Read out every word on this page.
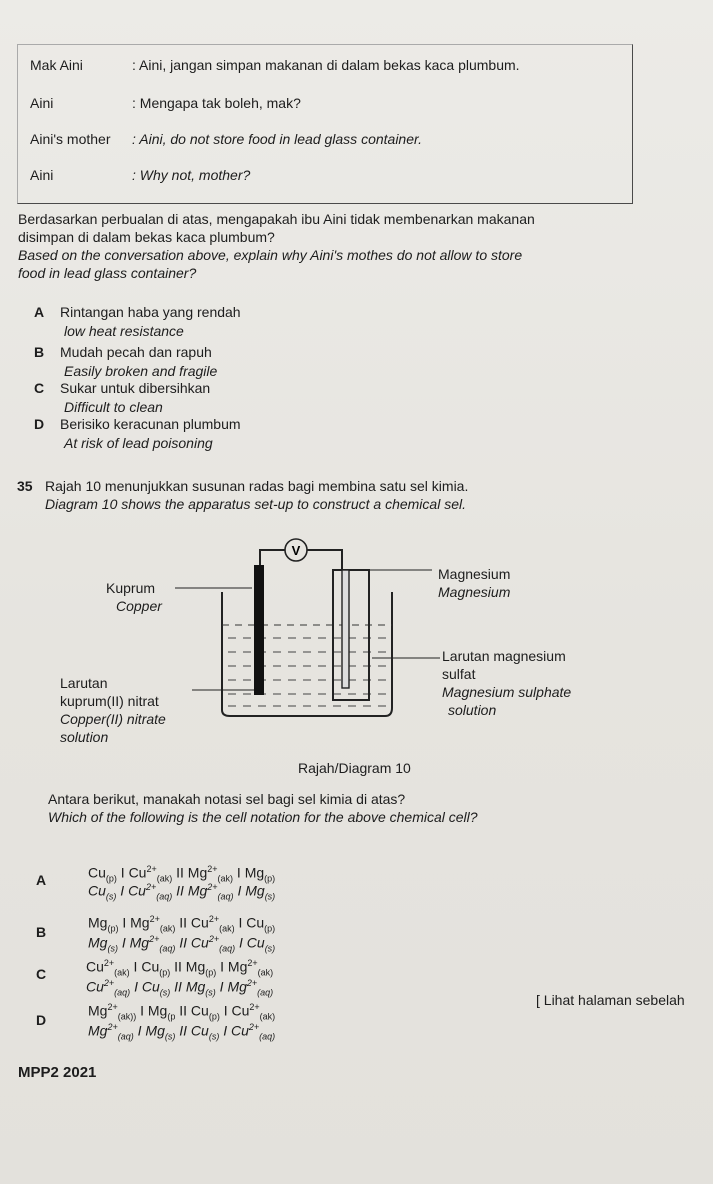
Mak Aini	: Aini, jangan simpan makanan di dalam bekas kaca plumbum.
Aini	: Mengapa tak boleh, mak?
Aini's mother : Aini, do not store food in lead glass container.
Aini	: Why not, mother?
Berdasarkan perbualan di atas, mengapakah ibu Aini tidak membenarkan makanan
disimpan di dalam bekas kaca plumbum?
Based on the conversation above, explain why Aini's mothes do not allow to store
food in lead glass container?
A Rintangan haba yang rendah
low heat resistance
B Mudah pecah dan rapuh
Easily broken and fragile
C Sukar untuk dibersihkan
Difficult to clean
D Berisiko keracunan plumbum
At risk of lead poisoning
35 Rajah 10 menunjukkan susunan radas bagi membina satu sel kimia.
Diagram 10 shows the apparatus set-up to construct a chemical sel.
V
Kuprum
Copper
Magnesium
Magnesium
Larutan
kuprum(II) nitrat
Copper(II) nitrate
solution
Larutan magnesium
sulfat
Magnesium sulphate
solution
Rajah/Diagram 10
Antara berikut, manakah notasi sel bagi sel kimia di atas?
Which of the following is the cell notation for the above chemical cell?
A	$Cu_{(p)}$ I $Cu^{2+}_{(ak)}$ II $Mg^{2+}_{(ak)}$ I $Mg_{(p)}$
$Cu_{(s)}$ I $Cu^{2+}_{(aq)}$ II $Mg^{2+}_{(aq)}$ I $Mg_{(s)}$
B
$Mg_{(p)}$ I $Mg^{2+}_{(ak)}$ II $Cu^{2+}_{(ak)}$ I $Cu_{(p)}$
$Mg_{(s)}$ I $Mg^{2+}_{(aq)}$ II $Cu^{2+}_{(aq)}$ I $Cu_{(s)}$
C	$Cu^{2+}_{(ak)}$ I $Cu_{(p)}$ II $Mg_{(p)}$ I $Mg^{2+}_{(ak)}$
$Cu^{2+}_{(aq)}$ I $Cu_{(s)}$ II $Mg_{(s)}$ I $Mg^{2+}_{(aq)}$
D
$Mg^{2+}_{(ak))}$ I $Mg_{(p}$ II $Cu_{(p)}$ I $Cu^{2+}_{(ak)}$
$Mg^{2+}_{(aq)}$ I $Mg_{(s)}$ II $Cu_{(s)}$ I $Cu^{2+}_{(aq)}$
[ Lihat halaman sebelah
MPP2 2021
